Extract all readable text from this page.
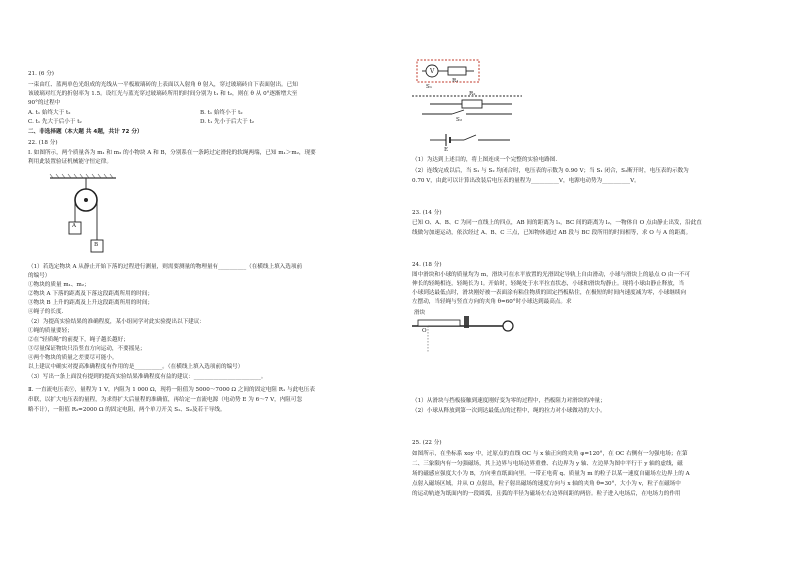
21. (6 分)
一束由红、蓝两单色光组成的光线从一平板玻璃砖的上表面以入射角 θ 射入，穿过玻璃砖自下表面射出。已知
该玻璃对红光的折射率为 1.5。设红光与蓝光穿过玻璃砖所用的时间分别为 t₁ 和 t₂，则在 θ 从 0°逐渐增大至
90°的过程中
A. t₁ 始终大于 t₂	B. t₁ 始终小于 t₂
C. t₁ 先大于后小于 t₂	D. t₁ 先小于后大于 t₂
二、非选择题（本大题 共 4题，共计 72 分）
22. (18 分)
Ⅰ. 如图所示，两个质量各为 m₁ 和 m₂ 的小物块 A 和 B，分别系在一条跨过定滑轮的软绳两端，已知 m₁＞m₂，现要
利用此装置验证机械能守恒定律。
A
B
（1）若选定物块 A 从静止开始下落的过程进行测量，则需要测量的物理量有__________（在横线上填入选项前
的编号）
①物块的质量 m₁、m₂；
②物块 A 下落的距离及下落这段距离所用的时间；
③物块 B 上升的距离及上升这段距离所用的时间；
④绳子的长度.
（2）为提高实验结果的准确程度，某小组同学对此实验提出以下建议：
①绳的质量要轻；
②在“轻质绳”的前提下，绳子越长越好；
③尽量保证物块只沿竖直方向运动，不要摇晃；
④两个物块的质量之差要尽可能小。
以上建议中确实对提高准确程度有作用的是__________。（在横线上填入选项前的编号）
（3）写出一条上面没有提到的提高实验结果准确程度有益的建议：________________________。
Ⅱ. 一直流电压表Ⓥ，量程为 1 V，内阻为 1 000 Ω，现将一阻值为 5000～7000 Ω 之间的固定电阻 R₁ 与此电压表
串联，以扩大电压表的量程，为求得扩大后量程的准确值，再给定一直流电源（电动势 E 为 6～7 V，内阻可忽
略不计），一阻值 R₂=2000 Ω 的固定电阻，两个单刀开关 S₁、S₂及若干导线。
V
R₁
S₁
R₂
S₂
E
（1）为达到上述目的，将上图连成一个完整的实验电路图.
（2）连线完成以后，当 S₁ 与 S₂ 均闭合时，电压表的示数为 0.90 V；当 S₁ 闭合，S₂断开时，电压表的示数为
0.70 V，由此可以计算出改装后电压表的量程为__________V，电源电动势为__________V。
23. (14 分)
已知 O、A、B、C 为同一直线上的四点，AB 间的距离为 l₁，BC 间的距离为 l₂，一物体自 O 点由静止出发，沿此直
线做匀加速运动，依次经过 A、B、C 三点，已知物体通过 AB 段与 BC 段所用的时间相等，求 O 与 A 的距离。
24. (18 分)
图中滑块和小球的质量均为 m，滑块可在水平放置的光滑固定导轨上自由滑动，小球与滑块上的悬点 O 由一不可
伸长的轻绳相连，轻绳长为 l。开始时，轻绳处于水平拉直状态，小球和滑块均静止。现将小球由静止释放，当
小球到达最低点时，滑块刚好被一表面涂有粘住物质的固定挡板粘住，在极短的时间内速度减为零，小球继续向
左摆动，当轻绳与竖直方向的夹角 θ=60°时小球达到最高点。求
滑块
O
（1）从滑块与挡板接触到速度刚好变为零的过程中，挡板阻力对滑块的冲量；
（2）小球从释放到第一次到达最低点的过程中，绳的拉力对小球做功的大小。
25. (22 分)
如图所示，在坐标系 xoy 中，过原点的直线 OC 与 x 轴正向的夹角 φ=120°，在 OC 右侧有一匀强电场；在第
二、三象限内有一匀强磁场，其上边界与电场边界重叠、右边界为 y 轴、左边界为图中平行于 y 轴的虚线，磁
场的磁感应强度大小为 B，方向垂直纸面向里。一带正电荷 q、质量为 m 的粒子以某一速度自磁场左边界上的 A
点射入磁场区域，并从 O 点射出，粒子射出磁场的速度方向与 x 轴的夹角 θ=30°，大小为 v，粒子在磁场中
的运动轨迹为纸面内的一段圆弧，且弧的半径为磁场左右边界间距的两倍。粒子进入电场后，在电场力的作用
